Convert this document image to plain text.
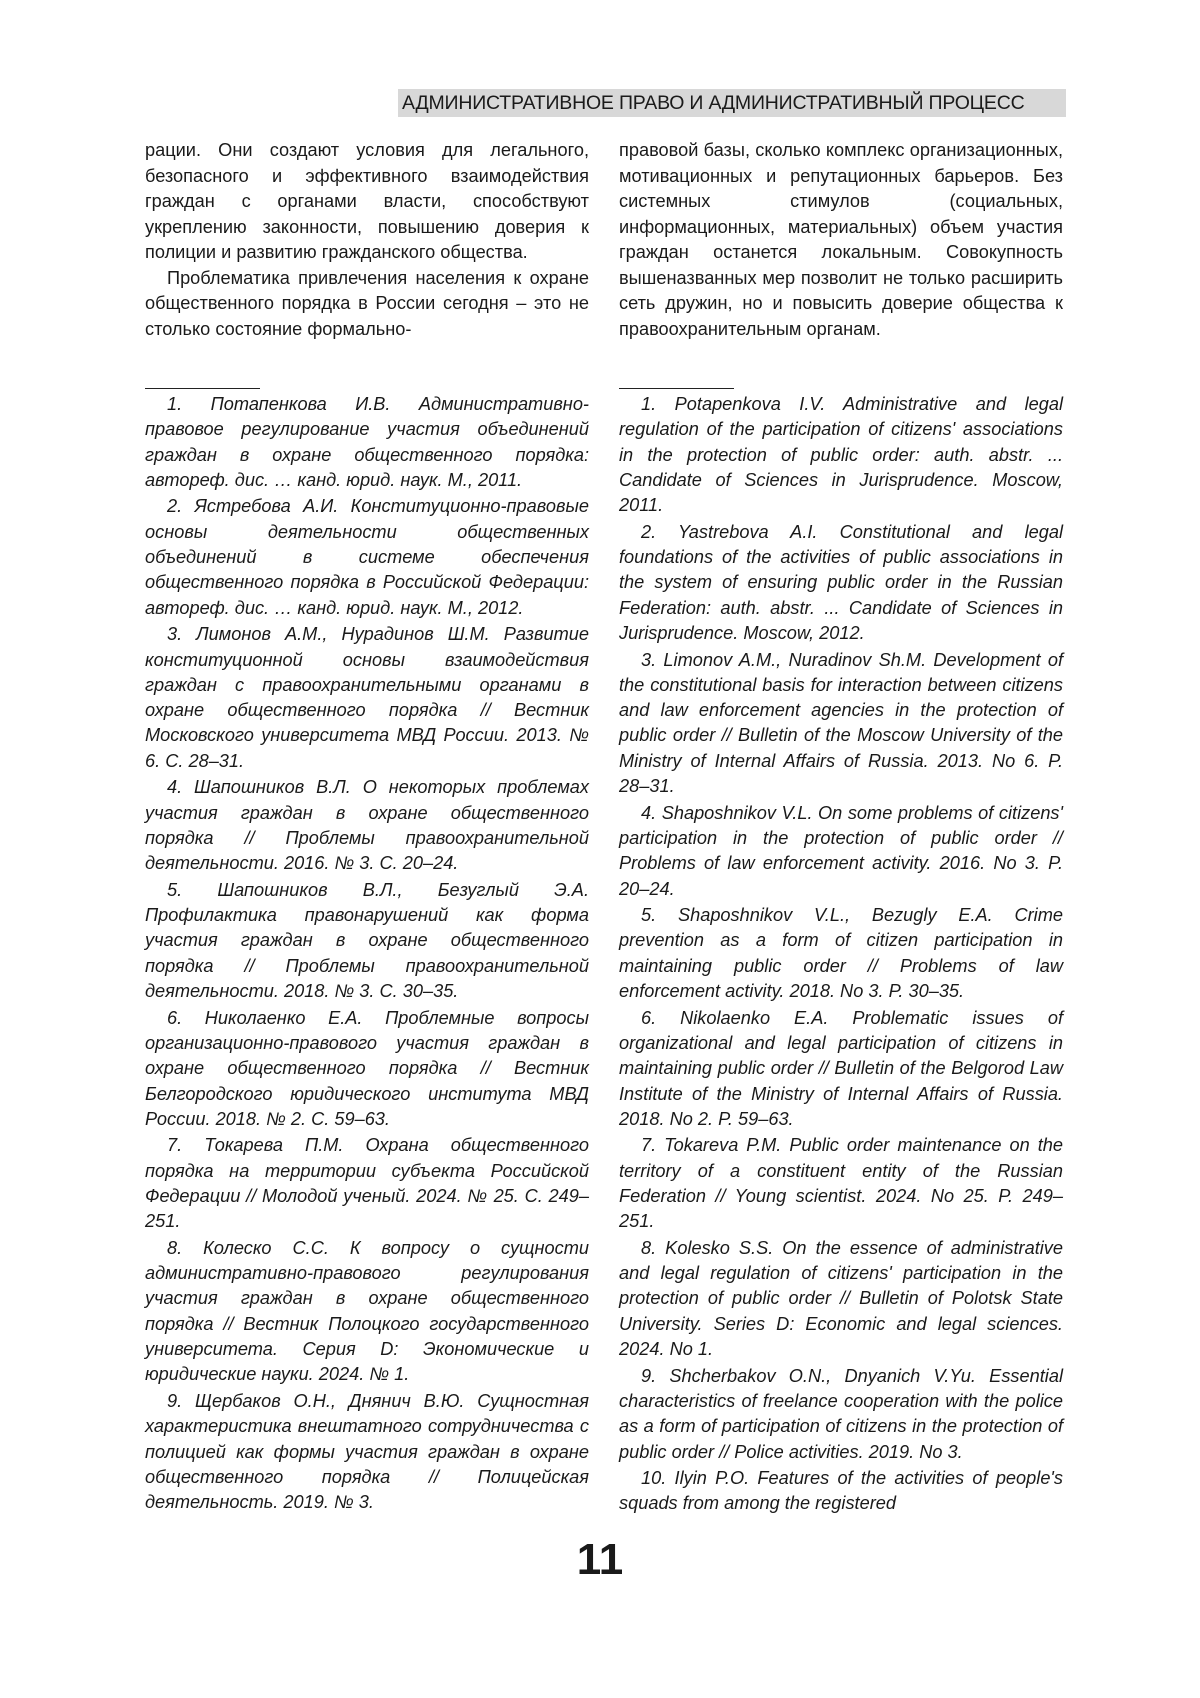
АДМИНИСТРАТИВНОЕ ПРАВО И АДМИНИСТРАТИВНЫЙ ПРОЦЕСС

рации. Они создают условия для легального, безопасного и эффективного взаимодействия граждан с органами власти, способствуют укреплению законности, повышению доверия к полиции и развитию гражданского общества.

Проблематика привлечения населения к охране общественного порядка в России сегодня – это не столько состояние формально-

правовой базы, сколько комплекс организационных, мотивационных и репутационных барьеров. Без системных стимулов (социальных, информационных, материальных) объем участия граждан останется локальным. Совокупность вышеназванных мер позволит не только расширить сеть дружин, но и повысить доверие общества к правоохранительным органам.

1. Потапенкова И.В. Административно-правовое регулирование участия объединений граждан в охране общественного порядка: автореф. дис. … канд. юрид. наук. М., 2011.
2. Ястребова А.И. Конституционно-правовые основы деятельности общественных объединений в системе обеспечения общественного порядка в Российской Федерации: автореф. дис. … канд. юрид. наук. М., 2012.
3. Лимонов А.М., Нурадинов Ш.М. Развитие конституционной основы взаимодействия граждан с правоохранительными органами в охране общественного порядка // Вестник Московского университета МВД России. 2013. № 6. С. 28–31.
4. Шапошников В.Л. О некоторых проблемах участия граждан в охране общественного порядка // Проблемы правоохранительной деятельности. 2016. № 3. С. 20–24.
5. Шапошников В.Л., Безуглый Э.А. Профилактика правонарушений как форма участия граждан в охране общественного порядка // Проблемы правоохранительной деятельности. 2018. № 3. С. 30–35.
6. Николаенко Е.А. Проблемные вопросы организационно-правового участия граждан в охране общественного порядка // Вестник Белгородского юридического института МВД России. 2018. № 2. С. 59–63.
7. Токарева П.М. Охрана общественного порядка на территории субъекта Российской Федерации // Молодой ученый. 2024. № 25. С. 249–251.
8. Колеско С.С. К вопросу о сущности административно-правового регулирования участия граждан в охране общественного порядка // Вестник Полоцкого государственного университета. Серия D: Экономические и юридические науки. 2024. № 1.
9. Щербаков О.Н., Днянич В.Ю. Сущностная характеристика внештатного сотрудничества с полицией как формы участия граждан в охране общественного порядка // Полицейская деятельность. 2019. № 3.
1. Potapenkova I.V. Administrative and legal regulation of the participation of citizens' associations in the protection of public order: auth. abstr. ... Candidate of Sciences in Jurisprudence. Moscow, 2011.
2. Yastrebova A.I. Constitutional and legal foundations of the activities of public associations in the system of ensuring public order in the Russian Federation: auth. abstr. ... Candidate of Sciences in Jurisprudence. Moscow, 2012.
3. Limonov A.M., Nuradinov Sh.M. Development of the constitutional basis for interaction between citizens and law enforcement agencies in the protection of public order // Bulletin of the Moscow University of the Ministry of Internal Affairs of Russia. 2013. No 6. P. 28–31.
4. Shaposhnikov V.L. On some problems of citizens' participation in the protection of public order // Problems of law enforcement activity. 2016. No 3. P. 20–24.
5. Shaposhnikov V.L., Bezugly E.A. Crime prevention as a form of citizen participation in maintaining public order // Problems of law enforcement activity. 2018. No 3. P. 30–35.
6. Nikolaenko E.A. Problematic issues of organizational and legal participation of citizens in maintaining public order // Bulletin of the Belgorod Law Institute of the Ministry of Internal Affairs of Russia. 2018. No 2. P. 59–63.
7. Tokareva P.M. Public order maintenance on the territory of a constituent entity of the Russian Federation // Young scientist. 2024. No 25. P. 249–251.
8. Kolesko S.S. On the essence of administrative and legal regulation of citizens' participation in the protection of public order // Bulletin of Polotsk State University. Series D: Economic and legal sciences. 2024. No 1.
9. Shcherbakov O.N., Dnyanich V.Yu. Essential characteristics of freelance cooperation with the police as a form of participation of citizens in the protection of public order // Police activities. 2019. No 3.
10. Ilyin P.O. Features of the activities of people's squads from among the registered
11
